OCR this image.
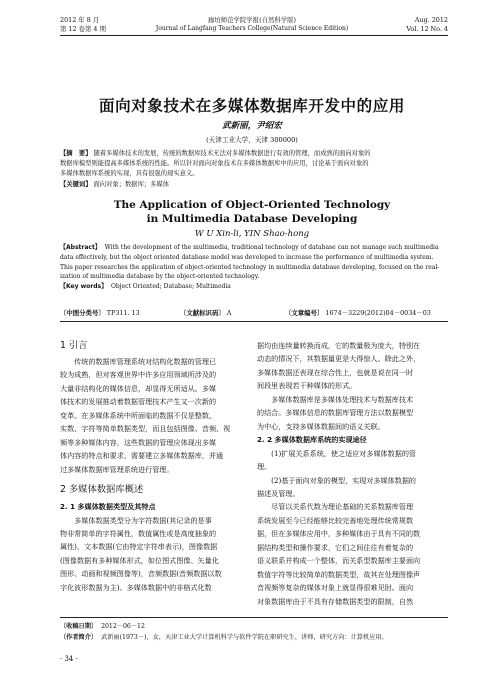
2012 年 8 月
第 12 卷第 4 期
廊坊师范学院学报(自然科学版)
Journal of Langfang Teachers College(Natural Science Edition)
Aug. 2012
Vol. 12 No. 4
面向对象技术在多媒体数据库开发中的应用
武新丽，尹绍宏
(天津工业大学，天津 300000)
【摘　要】 随着多媒体技术的发展，传统的数据库技术无法对多媒体数据进行有效的管理，而成熟的面向对象的
数据库模型则能提高多媒体系统的性能。所以针对面向对象技术在多媒体数据库中的应用，讨论基于面向对象的
多媒体数据库系统的实现，具有很强的现实意义。
【关键词】 面向对象；数据库；多媒体
The Application of Object-Oriented Technology
in Multimedia Database Developing
W U Xin-li, YIN Shao-hong
【Abstract】 With the development of the multimedia, traditional technology of database can not manage such multimedia
data effectively, but the object oriented database model was developed to increase the performance of multimedia system.
This paper researches the application of object-oriented technology in multimedia database developing, focused on the real-
ization of multimedia database by the object-oriented technology.
【Key words】 Object Oriented; Database; Multimedia
〔中图分类号〕 TP311. 13	〔文献标识码〕 A	〔文章编号〕 1674－3229(2012)04－0034－03
1 引言
　　传统的数据库管理系统对结构化数据的管理已
较为成熟，但对客观世界中许多应用领域所涉及的
大量非结构化的媒体信息，却显得无所适从。多媒
体技术的发展推动着数据管理技术产生又一次新的
变革。在多媒体系统中所面临的数据不仅是整数、
实数、字符等简单数据类型，而且包括图像、音频、视
频等多种媒体内容，这些数据的管理应体现出多媒
体内容的特点和要求，需要建立多媒体数据库，并通
过多媒体数据库管理系统进行管理。
2 多媒体数据库概述
2. 1 多媒体数据类型及其特点
　　多媒体数据类型分为字符数据(其记录的是事
物非常简单的字符属性，数值属性或是高度抽象的
属性)，文本数据(它由特定字符串表示)，图像数据
(图像数据有多种媒体形式，如位图式图像、矢量化
图形、动画和视频图像等)，音频数据(音频数据以数
字化波形数据为主)。多媒体数据中的非格式化数
据均由连续量转换而成，它的数量极为庞大，特别在
动态的情况下，其数据量更是大得惊人。除此之外，
多媒体数据还表现在综合性上，也就是说在同一时
间段里表现若干种媒体的形式。
　　多媒体数据库是多媒体处理技术与数据库技术
的结合。多媒体信息的数据库管理方法以数据模型
为中心，支持多媒体数据间的语义关联。
2. 2 多媒体数据库系统的实现途径
　　(1)扩展关系系统，使之适应对多媒体数据的管
理。
　　(2)基于面向对象的模型，实现对多媒体数据的
描述及管理。
　　尽管以关系代数为理论基础的关系数据库管理
系统发展至今已经能够比较完善地处理传统常规数
据，但在多媒体应用中，多种媒体由于具有不同的数
据结构类型和操作要求，它们之间往往有着复杂的
语义联系并构成一个整体，而关系型数据库主要面向
数值字符等比较简单的数据类型，故其在处理图像声
音视频等复杂的媒体对象上就显得很难见肘。面向
对象数据库由于不具有存储数据类型的限制，自然
〔收稿日期〕 2012－06－12
〔作者简介〕 武新丽(1973－)，女，天津工业大学计算机科学与软件学院在职研究生，讲师，研究方向：计算机应用。
· 34 ·
